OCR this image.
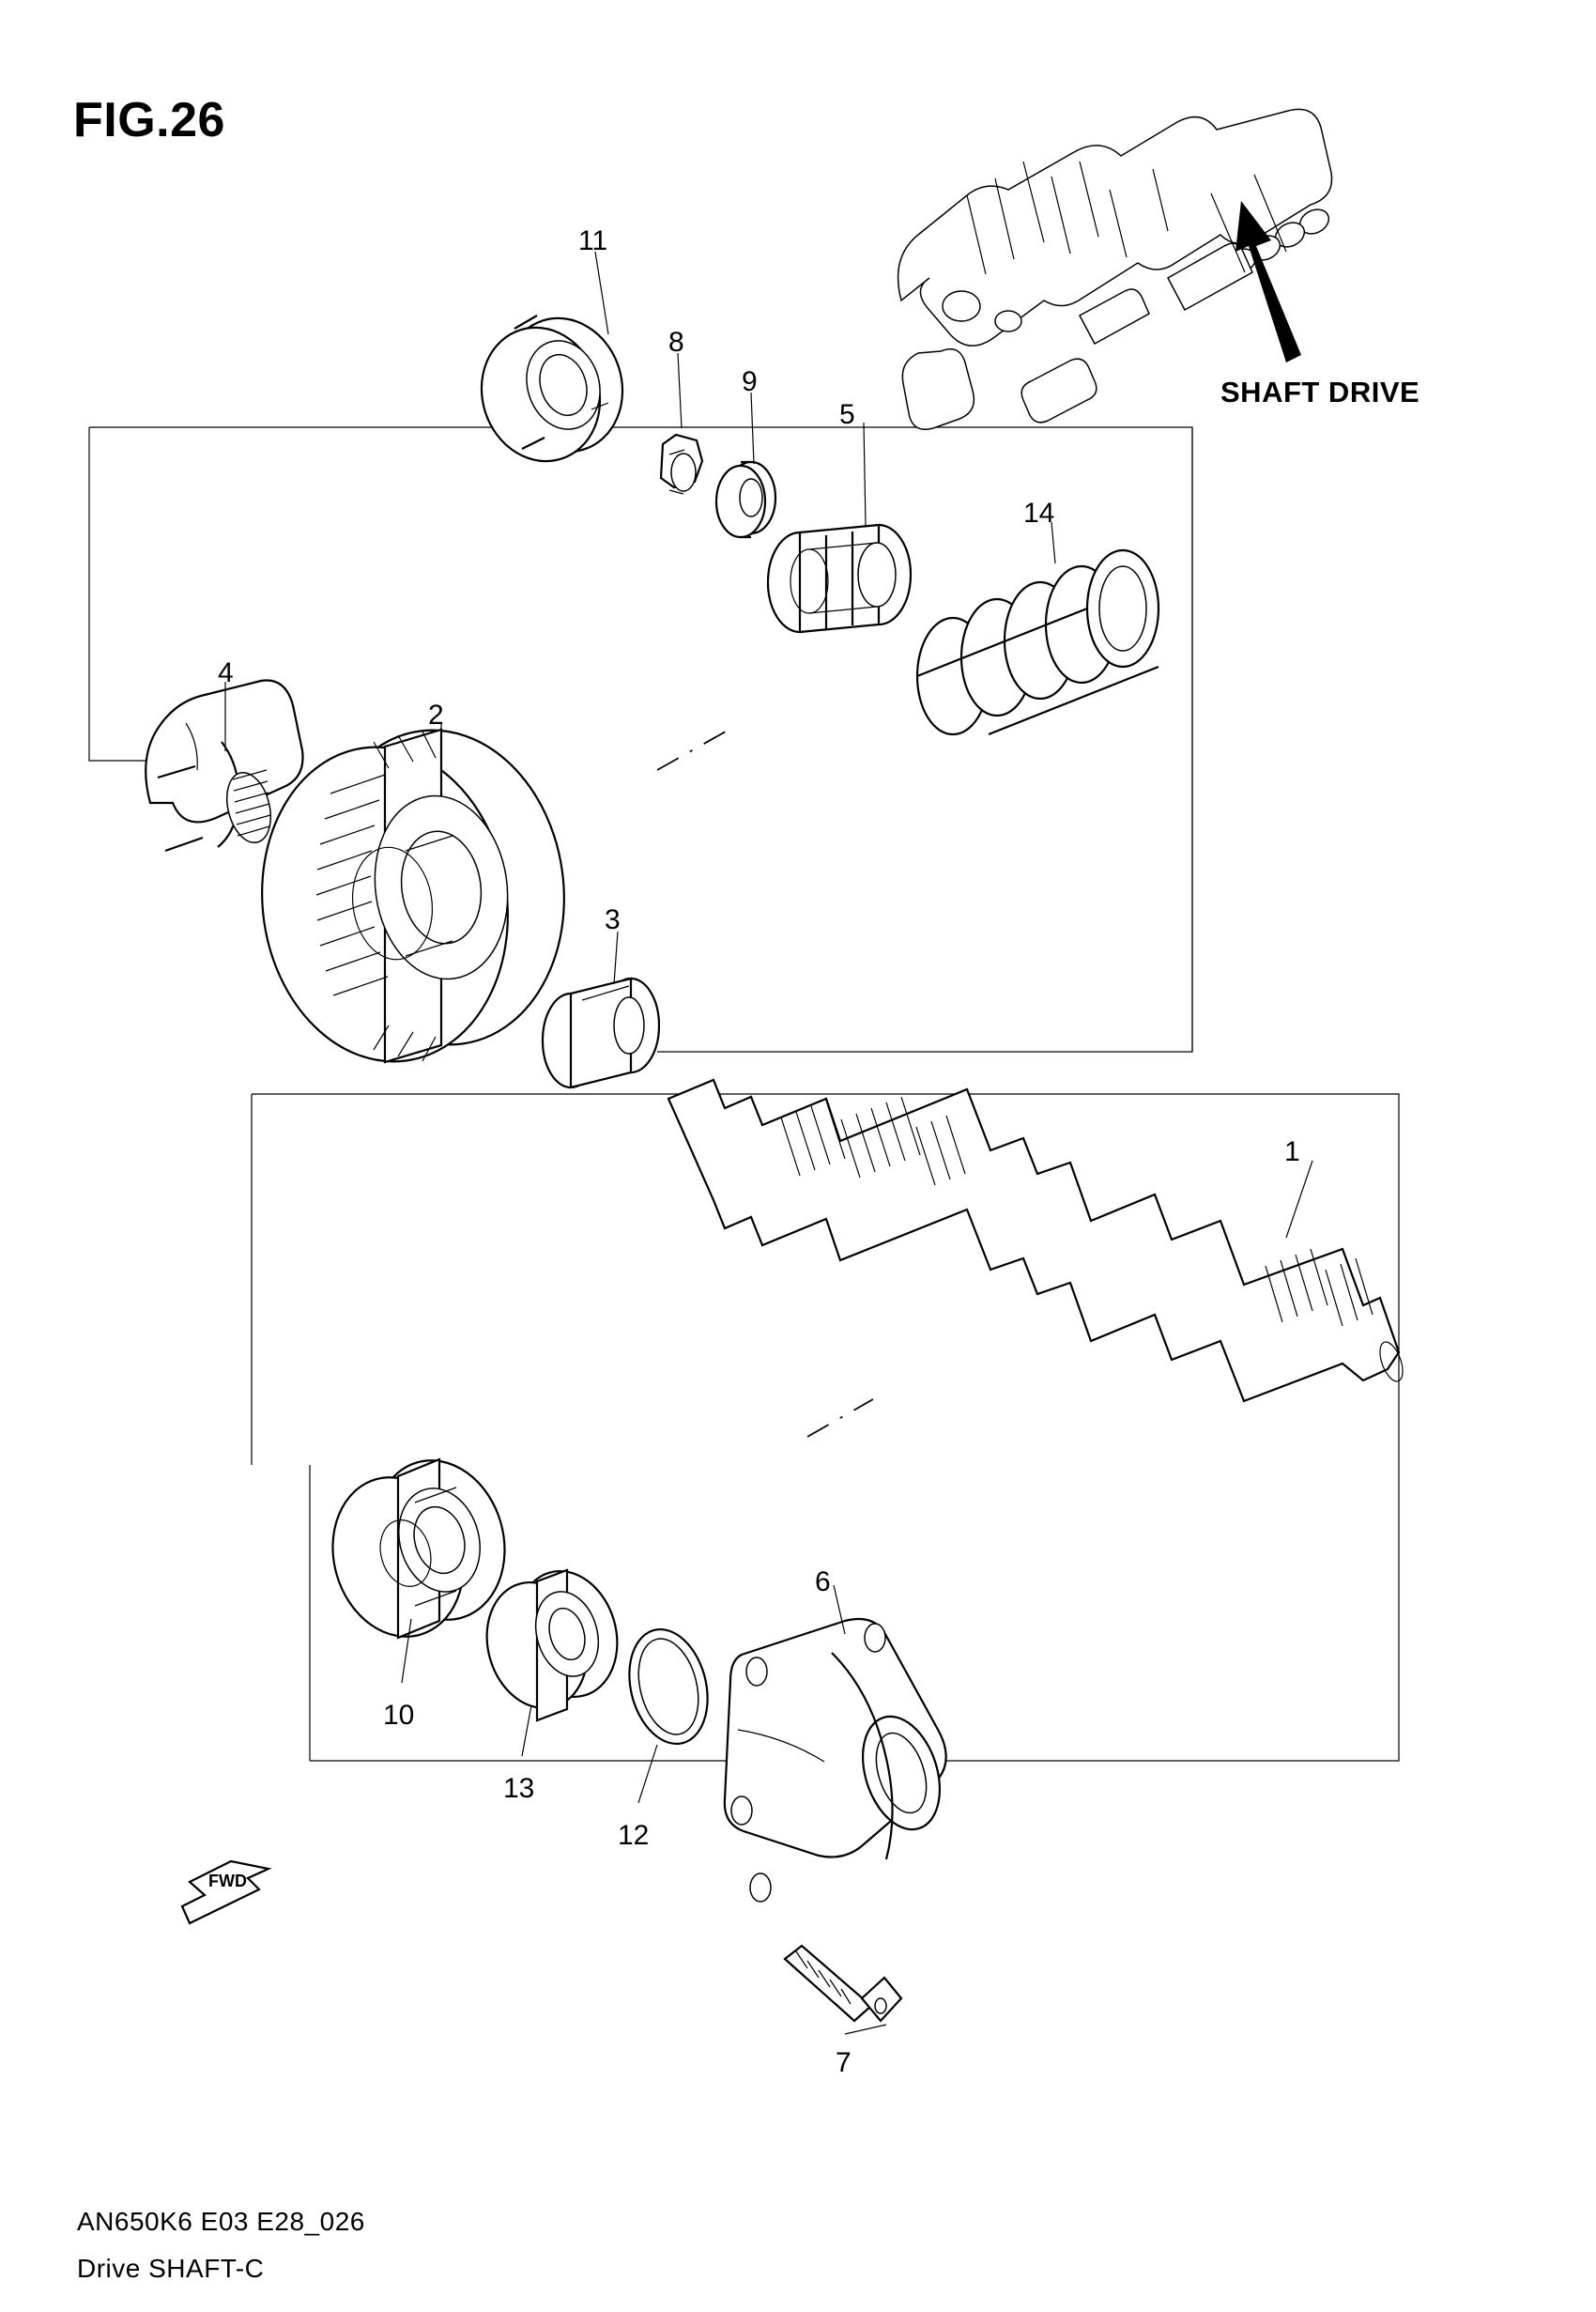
FIG.26
11
8
9
5
14
4
2
3
1
10
13
12
6
7
FWD
SHAFT DRIVE
AN650K6 E03 E28_026
Drive SHAFT-C
